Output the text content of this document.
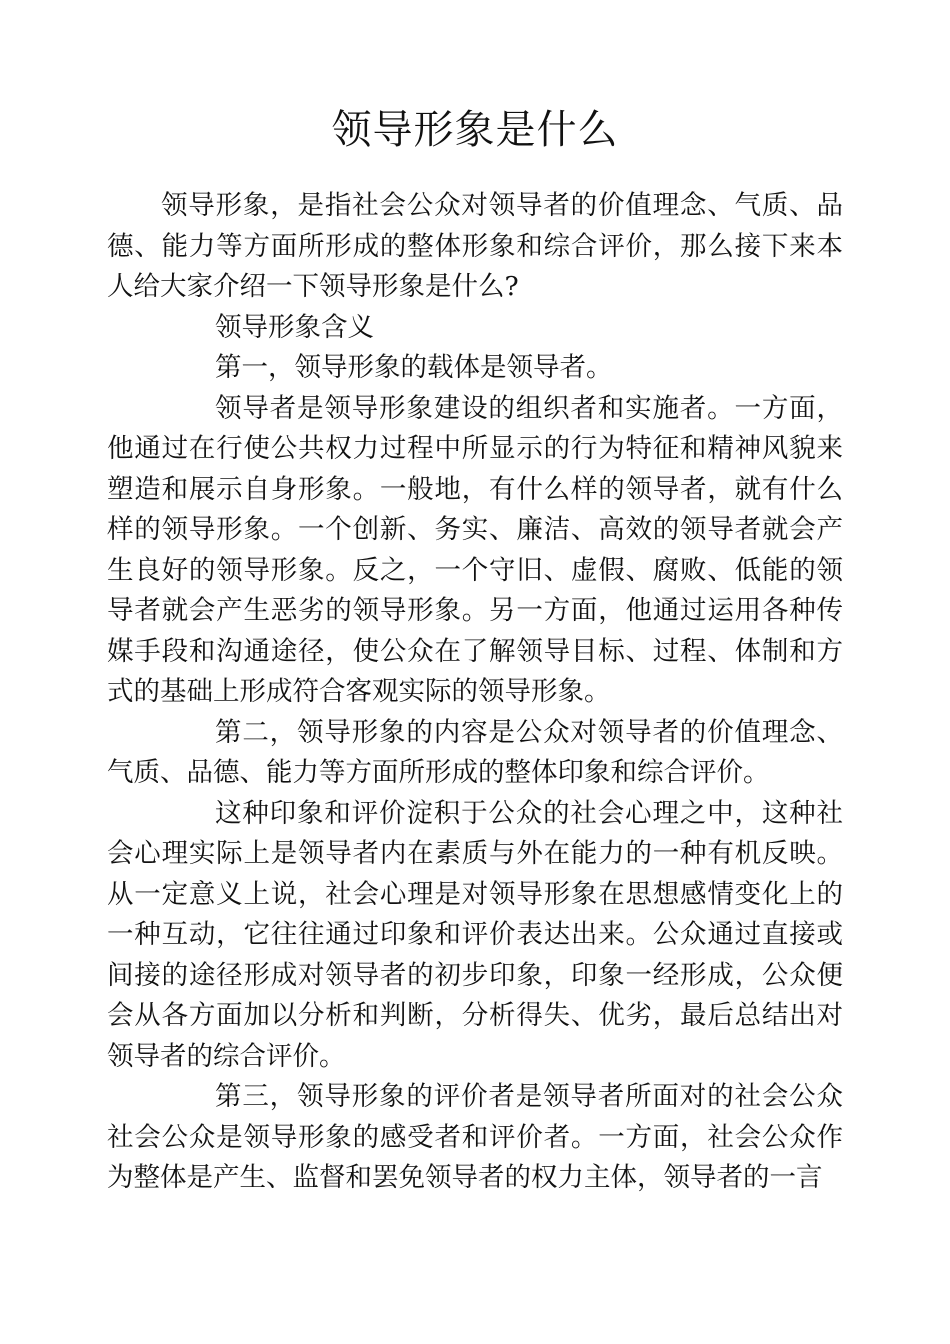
领导形象是什么

领导形象，是指社会公众对领导者的价值理念、气质、品德、能力等方面所形成的整体形象和综合评价，那么接下来本人给大家介绍一下领导形象是什么?

领导形象含义

第一，领导形象的载体是领导者。

领导者是领导形象建设的组织者和实施者。一方面，他通过在行使公共权力过程中所显示的行为特征和精神风貌来塑造和展示自身形象。一般地，有什么样的领导者，就有什么样的领导形象。一个创新、务实、廉洁、高效的领导者就会产生良好的领导形象。反之，一个守旧、虚假、腐败、低能的领导者就会产生恶劣的领导形象。另一方面，他通过运用各种传媒手段和沟通途径，使公众在了解领导目标、过程、体制和方式的基础上形成符合客观实际的领导形象。

第二，领导形象的内容是公众对领导者的价值理念、气质、品德、能力等方面所形成的整体印象和综合评价。

这种印象和评价淀积于公众的社会心理之中，这种社会心理实际上是领导者内在素质与外在能力的一种有机反映。从一定意义上说，社会心理是对领导形象在思想感情变化上的一种互动，它往往通过印象和评价表达出来。公众通过直接或间接的途径形成对领导者的初步印象，印象一经形成，公众便会从各方面加以分析和判断，分析得失、优劣，最后总结出对领导者的综合评价。

第三，领导形象的评价者是领导者所面对的社会公众社会公众是领导形象的感受者和评价者。一方面，社会公众作为整体是产生、监督和罢免领导者的权力主体，领导者的一言
